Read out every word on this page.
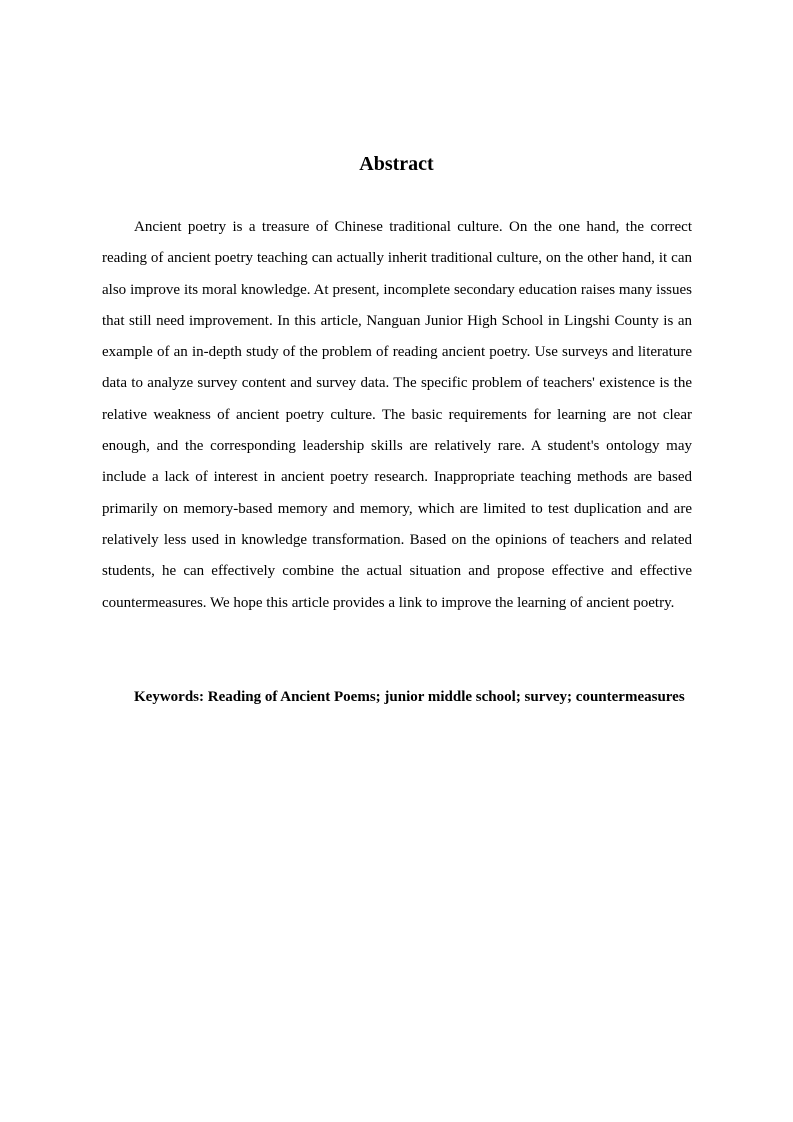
Abstract

Ancient poetry is a treasure of Chinese traditional culture. On the one hand, the correct reading of ancient poetry teaching can actually inherit traditional culture, on the other hand, it can also improve its moral knowledge. At present, incomplete secondary education raises many issues that still need improvement. In this article, Nanguan Junior High School in Lingshi County is an example of an in-depth study of the problem of reading ancient poetry. Use surveys and literature data to analyze survey content and survey data. The specific problem of teachers' existence is the relative weakness of ancient poetry culture. The basic requirements for learning are not clear enough, and the corresponding leadership skills are relatively rare. A student's ontology may include a lack of interest in ancient poetry research. Inappropriate teaching methods are based primarily on memory-based memory and memory, which are limited to test duplication and are relatively less used in knowledge transformation. Based on the opinions of teachers and related students, he can effectively combine the actual situation and propose effective and effective countermeasures. We hope this article provides a link to improve the learning of ancient poetry.

Keywords: Reading of Ancient Poems; junior middle school; survey; countermeasures
